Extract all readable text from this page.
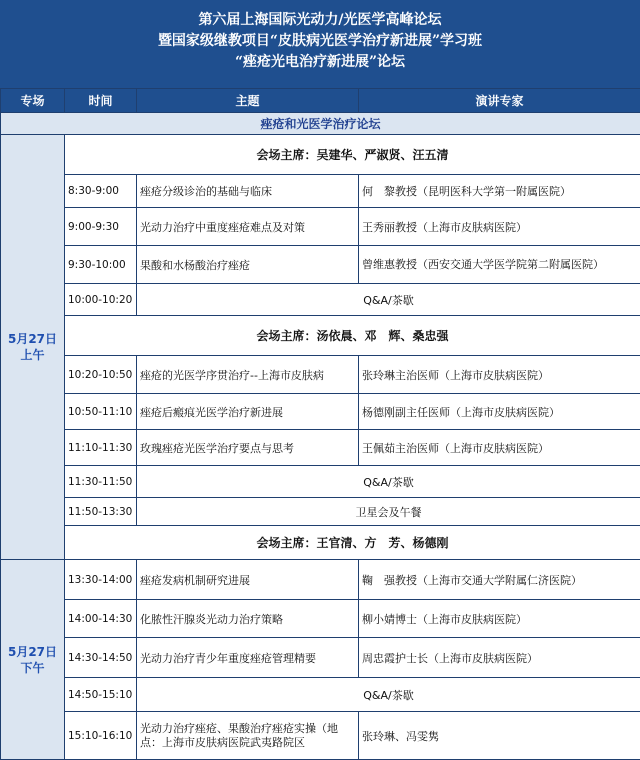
第六届上海国际光动力/光医学高峰论坛
暨国家级继教项目“皮肤病光医学治疗新进展”学习班
“痤疮光电治疗新进展”论坛
专场	时间	主题	演讲专家
痤疮和光医学治疗论坛			
5月27日
上午	会场主席：吴建华、严淑贤、汪五清		
	8:30-9:00	痤疮分级诊治的基础与临床	何　黎教授（昆明医科大学第一附属医院）
	9:00-9:30	光动力治疗中重度痤疮难点及对策	王秀丽教授（上海市皮肤病医院）
	9:30-10:00	果酸和水杨酸治疗痤疮	曾维惠教授（西安交通大学医学院第二附属医院）
	10:00-10:20	Q&A/茶歇	
	会场主席：汤依晨、邓　辉、桑忠强		
	10:20-10:50	痤疮的光医学序贯治疗--上海市皮肤病	张玲琳主治医师（上海市皮肤病医院）
	10:50-11:10	痤疮后瘢痕光医学治疗新进展	杨德刚副主任医师（上海市皮肤病医院）
	11:10-11:30	玫瑰痤疮光医学治疗要点与思考	王佩茹主治医师（上海市皮肤病医院）
	11:30-11:50	Q&A/茶歇	
	11:50-13:30	卫星会及午餐	
	会场主席：王官清、方　芳、杨德刚		
5月27日
下午	13:30-14:00	痤疮发病机制研究进展	鞠　强教授（上海市交通大学附属仁济医院）
	14:00-14:30	化脓性汗腺炎光动力治疗策略	柳小婧博士（上海市皮肤病医院）
	14:30-14:50	光动力治疗青少年重度痤疮管理精要	周忠霞护士长（上海市皮肤病医院）
	14:50-15:10	Q&A/茶歇	
	15:10-16:10	光动力治疗痤疮、果酸治疗痤疮实操（地点：上海市皮肤病医院武夷路院区	张玲琳、冯雯隽
